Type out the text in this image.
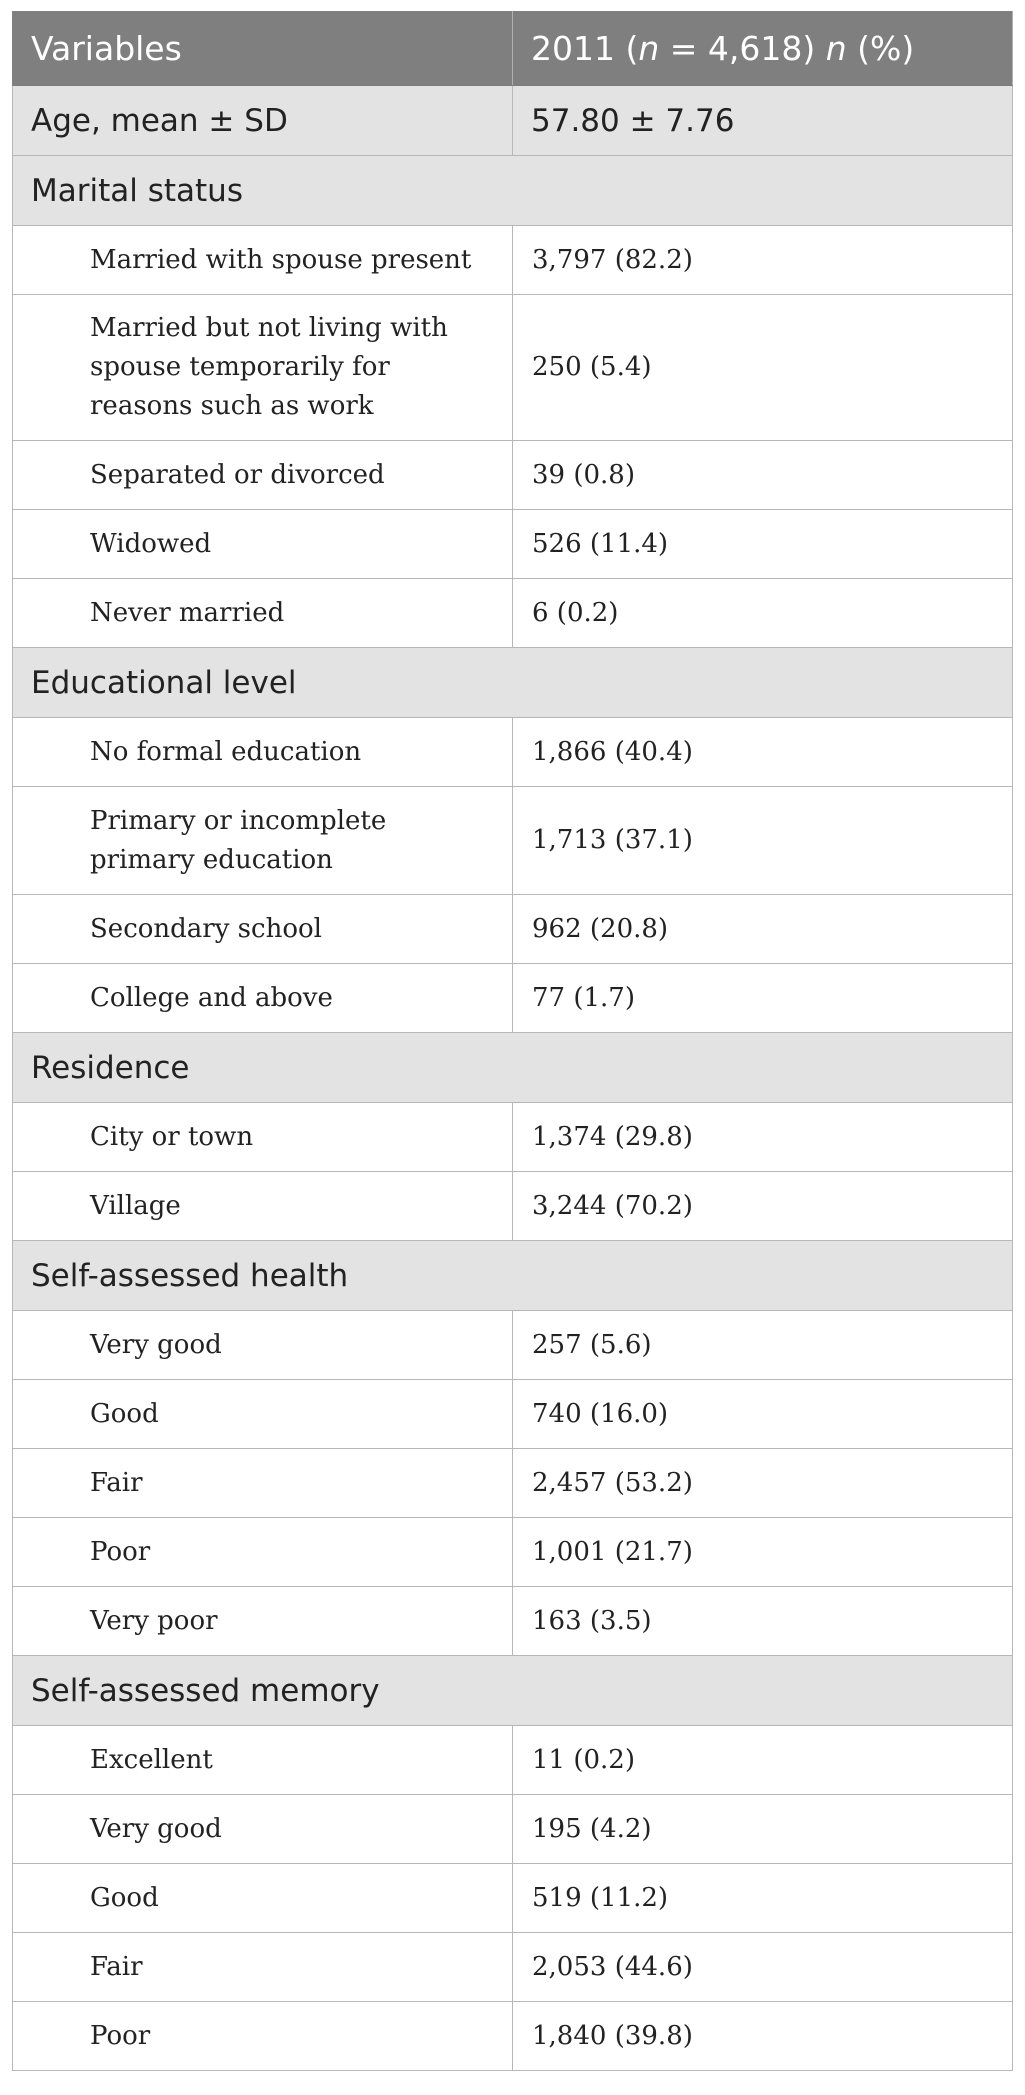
Variables	2011 (n = 4,618) n (%)
Age, mean ± SD	57.80 ± 7.76
Marital status	
Married with spouse present	3,797 (82.2)
Married but not living with spouse temporarily for reasons such as work	250 (5.4)
Separated or divorced	39 (0.8)
Widowed	526 (11.4)
Never married	6 (0.2)
Educational level	
No formal education	1,866 (40.4)
Primary or incomplete primary education	1,713 (37.1)
Secondary school	962 (20.8)
College and above	77 (1.7)
Residence	
City or town	1,374 (29.8)
Village	3,244 (70.2)
Self-assessed health	
Very good	257 (5.6)
Good	740 (16.0)
Fair	2,457 (53.2)
Poor	1,001 (21.7)
Very poor	163 (3.5)
Self-assessed memory	
Excellent	11 (0.2)
Very good	195 (4.2)
Good	519 (11.2)
Fair	2,053 (44.6)
Poor	1,840 (39.8)
